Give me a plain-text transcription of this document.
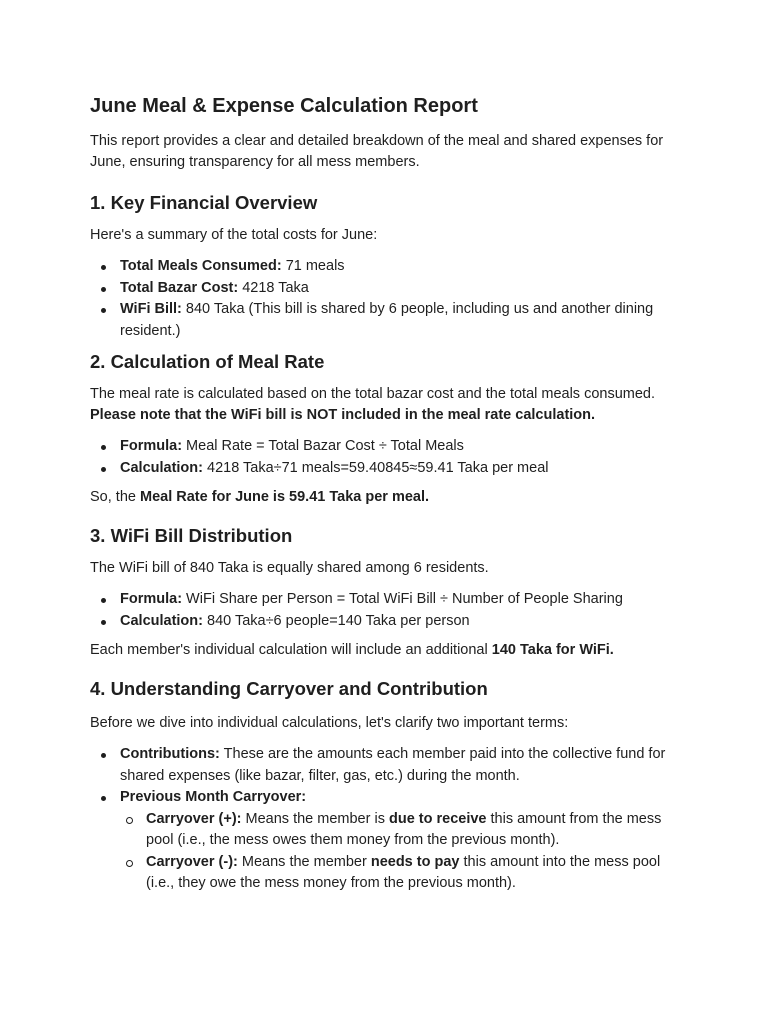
June Meal & Expense Calculation Report

This report provides a clear and detailed breakdown of the meal and shared expenses for June, ensuring transparency for all mess members.

1. Key Financial Overview

Here's a summary of the total costs for June:

Total Meals Consumed: 71 meals
Total Bazar Cost: 4218 Taka
WiFi Bill: 840 Taka (This bill is shared by 6 people, including us and another dining resident.)
2. Calculation of Meal Rate

The meal rate is calculated based on the total bazar cost and the total meals consumed. Please note that the WiFi bill is NOT included in the meal rate calculation.

Formula: Meal Rate = Total Bazar Cost ÷ Total Meals
Calculation: 4218 Taka÷71 meals=59.40845≈59.41 Taka per meal

So, the Meal Rate for June is 59.41 Taka per meal.

3. WiFi Bill Distribution

The WiFi bill of 840 Taka is equally shared among 6 residents.

Formula: WiFi Share per Person = Total WiFi Bill ÷ Number of People Sharing
Calculation: 840 Taka÷6 people=140 Taka per person

Each member's individual calculation will include an additional 140 Taka for WiFi.

4. Understanding Carryover and Contribution

Before we dive into individual calculations, let's clarify two important terms:

Contributions: These are the amounts each member paid into the collective fund for shared expenses (like bazar, filter, gas, etc.) during the month.
Previous Month Carryover:
Carryover (+): Means the member is due to receive this amount from the mess pool (i.e., the mess owes them money from the previous month).
Carryover (-): Means the member needs to pay this amount into the mess pool (i.e., they owe the mess money from the previous month).
